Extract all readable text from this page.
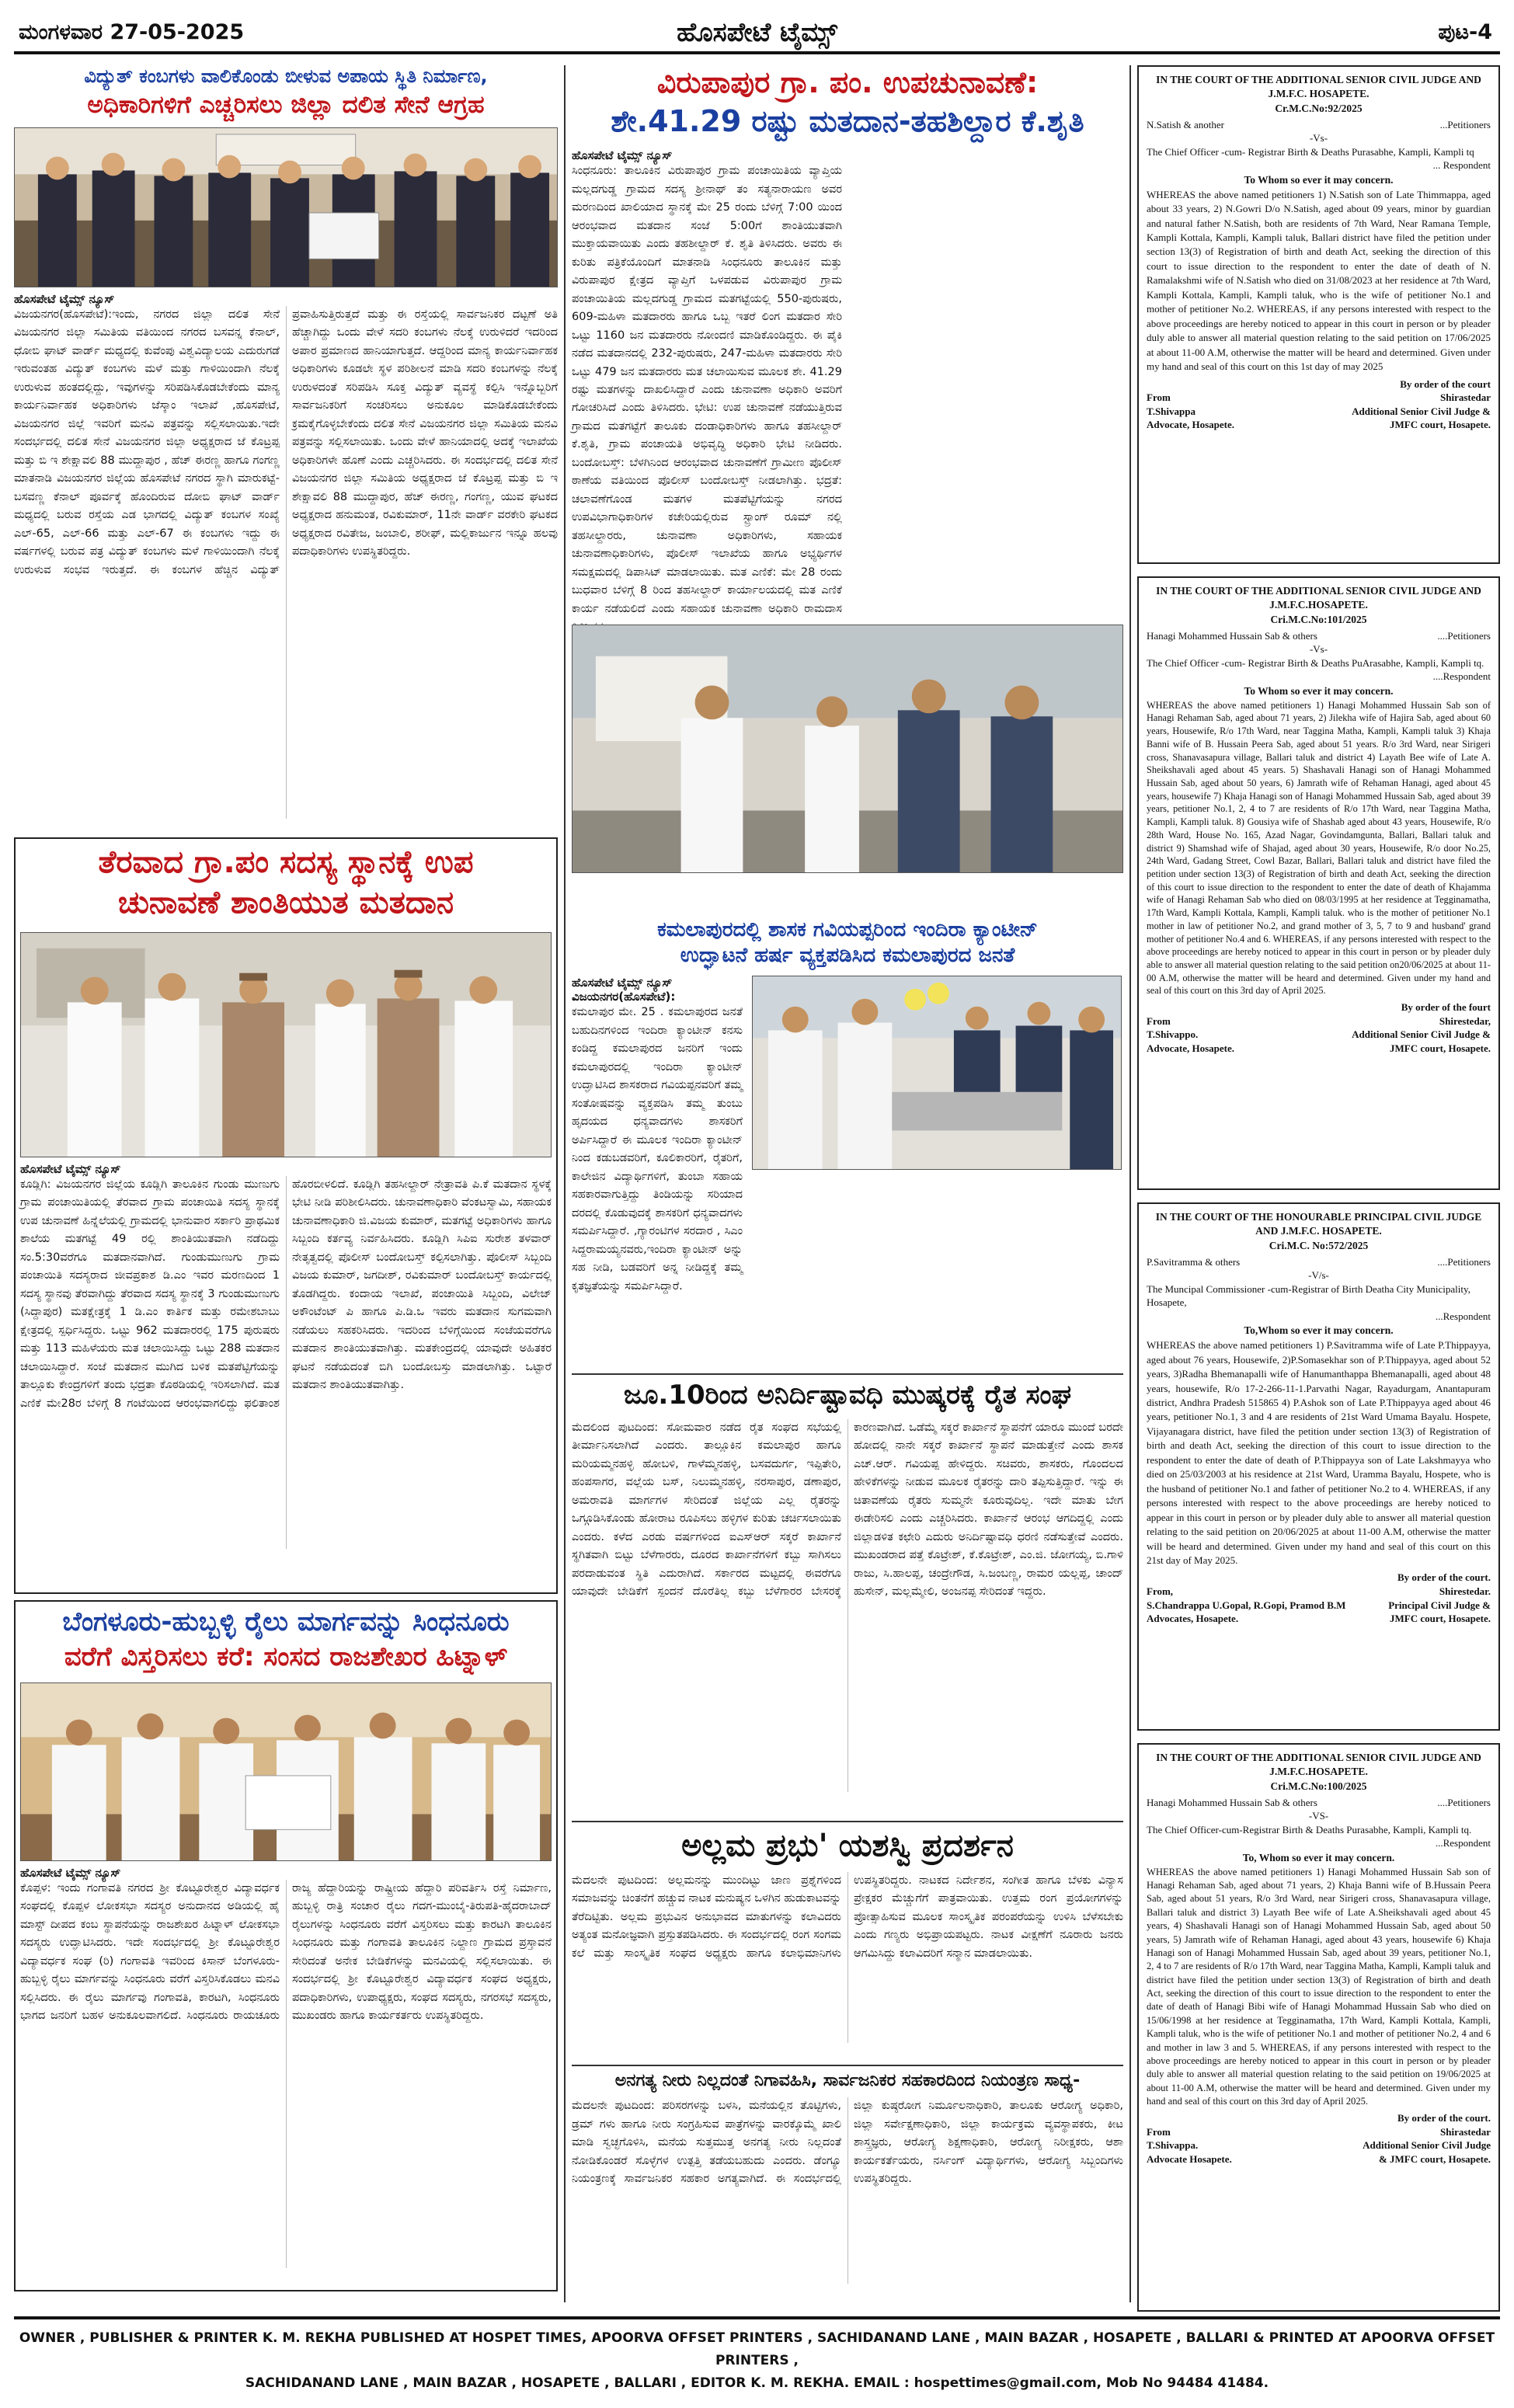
ಮಂಗಳವಾರ 27-05-2025	ಹೊಸಪೇಟೆ ಟೈಮ್ಸ್	ಪುಟ-4
ವಿದ್ಯುತ್ ಕಂಬಗಳು ವಾಲಿಕೊಂಡು ಬೀಳುವ ಅಪಾಯ ಸ್ಥಿತಿ ನಿರ್ಮಾಣ,
ಅಧಿಕಾರಿಗಳಿಗೆ ಎಚ್ಚರಿಸಲು ಜಿಲ್ಲಾ ದಲಿತ ಸೇನೆ ಆಗ್ರಹ
ಹೊಸಪೇಟೆ ಟೈಮ್ಸ್ ನ್ಯೂಸ್
ವಿಜಯನಗರ(ಹೊಸಪೇಟೆ):ಇಂದು, ನಗರದ ಜಿಲ್ಲಾ ದಲಿತ ಸೇನೆ ವಿಜಯನಗರ ಜಿಲ್ಲಾ ಸಮಿತಿಯ ವತಿಯಿಂದ ನಗರದ ಬಸವನ್ನ ಕೆನಾಲ್, ಧೋಬಿ ಘಾಟ್ ವಾರ್ಡ್ ಮಧ್ಯದಲ್ಲಿ ಕುವೆಂಪು ವಿಶ್ವವಿದ್ಯಾಲಯ ಎದುರುಗಡೆ ಇರುವಂತಹ ವಿದ್ಯುತ್ ಕಂಬಗಳು ಮಳೆ ಮತ್ತು ಗಾಳಿಯಿಂದಾಗಿ ನೆಲಕ್ಕೆ ಉರುಳುವ ಹಂತದಲ್ಲಿದ್ದು, ಇವುಗಳನ್ನು ಸರಿಪಡಿಸಿಕೊಡಬೇಕೆಂದು ಮಾನ್ಯ ಕಾರ್ಯನಿರ್ವಾಹಕ ಅಧಿಕಾರಿಗಳು ಜೆಸ್ಕಾಂ ಇಲಾಖೆ ,ಹೊಸಪೇಟೆ, ವಿಜಯನಗರ ಜಿಲ್ಲೆ ಇವರಿಗೆ ಮನವಿ ಪತ್ರವನ್ನು ಸಲ್ಲಿಸಲಾಯಿತು.ಇದೇ ಸಂದರ್ಭದಲ್ಲಿ ದಲಿತ ಸೇನೆ ವಿಜಯನಗರ ಜಿಲ್ಲಾ ಅಧ್ಯಕ್ಷರಾದ ಜೆ ಕೊಟ್ರಪ್ಪ ಮತ್ತು ಬಿ ಇ ಶೇಕ್ಷಾವಲಿ 88 ಮುದ್ದಾಪುರ , ಹೆಚ್ ಈರಣ್ಣ ಹಾಗೂ ಗಂಗಣ್ಣ ಮಾತನಾಡಿ ವಿಜಯನಗರ ಜಿಲ್ಲೆಯ ಹೊಸಪೇಟೆ ನಗರದ ಸ್ಥಾಗಿ ಮಾರುಕಟ್ಟೆ-ಬಸವಣ್ಣ ಕೆನಾಲ್ ಪೂರ್ವಕ್ಕೆ ಹೊಂದಿರುವ ದೋಬಿ ಘಾಟ್ ವಾರ್ಡ್ ಮಧ್ಯದಲ್ಲಿ ಬರುವ ರಸ್ತೆಯ ಎಡ ಭಾಗದಲ್ಲಿ ವಿದ್ಯುತ್ ಕಂಬಗಳ ಸಂಖ್ಯೆ ಎಲ್-65, ಎಲ್-66 ಮತ್ತು ಎಲ್-67 ಈ ಕಂಬಗಳು ಇದ್ದು ಈ ವರ್ಷಗಳಲ್ಲಿ ಬರುವ ಪತ್ರ ವಿದ್ಯುತ್ ಕಂಬಗಳು ಮಳೆ ಗಾಳಿಯಿಂದಾಗಿ ನೆಲಕ್ಕೆ ಉರುಳುವ ಸಂಭವ ಇರುತ್ತದೆ. ಈ ಕಂಬಗಳ ಹೆಚ್ಚಿನ ವಿದ್ಯುತ್ ಪ್ರವಾಹಿಸುತ್ತಿರುತ್ತದೆ ಮತ್ತು ಈ ರಸ್ತೆಯಲ್ಲಿ ಸಾರ್ವಜನಿಕರ ದಟ್ಟಣೆ ಅತಿ ಹೆಚ್ಚಾಗಿದ್ದು ಒಂದು ವೇಳೆ ಸದರಿ ಕಂಬಗಳು ನೆಲಕ್ಕೆ ಉರುಳಿದರೆ ಇದರಿಂದ ಅಪಾರ ಪ್ರಮಾಣದ ಹಾನಿಯಾಗುತ್ತದೆ. ಆದ್ದರಿಂದ ಮಾನ್ಯ ಕಾರ್ಯನಿರ್ವಾಹಕ ಅಧಿಕಾರಿಗಳು ಕೂಡಲೇ ಸ್ಥಳ ಪರಿಶೀಲನೆ ಮಾಡಿ ಸದರಿ ಕಂಬಗಳನ್ನು ನೆಲಕ್ಕೆ ಉರುಳದಂತೆ ಸರಿಪಡಿಸಿ ಸೂಕ್ತ ವಿದ್ಯುತ್ ವ್ಯವಸ್ಥೆ ಕಲ್ಪಿಸಿ ಇನ್ನೊಬ್ಬರಿಗೆ ಸಾರ್ವಜನಿಕರಿಗೆ ಸಂಚರಿಸಲು ಅನುಕೂಲ ಮಾಡಿಕೊಡಬೇಕೆಂದು ಕ್ರಮಕೈಗೊಳ್ಳಬೇಕೆಂದು ದಲಿತ ಸೇನೆ ವಿಜಯನಗರ ಜಿಲ್ಲಾ ಸಮಿತಿಯ ಮನವಿ ಪತ್ರವನ್ನು ಸಲ್ಲಿಸಲಾಯಿತು. ಒಂದು ವೇಳೆ ಹಾನಿಯಾದಲ್ಲಿ ಅದಕ್ಕೆ ಇಲಾಖೆಯ ಅಧಿಕಾರಿಗಳೇ ಹೊಣೆ ಎಂದು ಎಚ್ಚರಿಸಿದರು. ಈ ಸಂದರ್ಭದಲ್ಲಿ ದಲಿತ ಸೇನೆ ವಿಜಯನಗರ ಜಿಲ್ಲಾ ಸಮಿತಿಯ ಅಧ್ಯಕ್ಷರಾದ ಜೆ ಕೊಟ್ರಪ್ಪ ಮತ್ತು ಬಿ ಇ ಶೇಕ್ಷಾವಲಿ 88 ಮುದ್ದಾಪುರ, ಹೆಚ್ ಈರಣ್ಣ, ಗಂಗಣ್ಣ, ಯುವ ಘಟಕದ ಅಧ್ಯಕ್ಷರಾದ ಹನುಮಂತ, ರವಿಕುಮಾರ್, 11ನೇ ವಾರ್ಡ್ ವರಕೇರಿ ಘಟಕದ ಅಧ್ಯಕ್ಷರಾದ ರವಿತೇಜ, ಜಂಬಾಲಿ, ಶರೀಫ್, ಮಲ್ಲಿಕಾರ್ಜುನ ಇನ್ನೂ ಹಲವು ಪದಾಧಿಕಾರಿಗಳು ಉಪಸ್ಥಿತರಿದ್ದರು.
ತೆರವಾದ ಗ್ರಾ.ಪಂ ಸದಸ್ಯ ಸ್ಥಾನಕ್ಕೆ ಉಪ
ಚುನಾವಣೆ ಶಾಂತಿಯುತ ಮತದಾನ
ಹೊಸಪೇಟೆ ಟೈಮ್ಸ್ ನ್ಯೂಸ್
ಕೂಡ್ಲಿಗಿ: ವಿಜಯನಗರ ಜಿಲ್ಲೆಯ ಕೂಡ್ಲಿಗಿ ತಾಲೂಕಿನ ಗುಂಡು ಮುಣುಗು ಗ್ರಾಮ ಪಂಚಾಯಿತಿಯಲ್ಲಿ ತೆರವಾದ ಗ್ರಾಮ ಪಂಚಾಯಿತಿ ಸದಸ್ಯ ಸ್ಥಾನಕ್ಕೆ ಉಪ ಚುನಾವಣೆ ಹಿನ್ನೆಲೆಯಲ್ಲಿ ಗ್ರಾಮದಲ್ಲಿ ಭಾನುವಾರ ಸರ್ಕಾರಿ ಪ್ರಾಥಮಿಕ ಶಾಲೆಯ ಮತಗಟ್ಟೆ 49 ರಲ್ಲಿ ಶಾಂತಿಯುತವಾಗಿ ನಡೆದಿದ್ದು ಸಂ.5:30ವರೆಗೂ ಮತದಾನವಾಗಿದೆ. ಗುಂಡುಮುಣುಗು ಗ್ರಾಮ ಪಂಚಾಯಿತಿ ಸದಸ್ಯರಾದ ಜೀವಪ್ರಕಾಶ ಡಿ.ಎಂ ಇವರ ಮರಣದಿಂದ 1 ಸದಸ್ಯ ಸ್ಥಾನವು ತೆರವಾಗಿದ್ದು ತೆರವಾದ ಸದಸ್ಯ ಸ್ಥಾನಕ್ಕೆ 3 ಗುಂಡುಮುಣುಗು (ಸಿದ್ದಾಪುರ) ಮತಕ್ಷೇತ್ರಕ್ಕೆ 1 ಡಿ.ಎಂ ಕಾರ್ತಿಕ ಮತ್ತು ರಮೇಶಬಾಬು ಕ್ಷೇತ್ರದಲ್ಲಿ ಸ್ಪರ್ಧಿಸಿದ್ದರು. ಒಟ್ಟು 962 ಮತದಾರರಲ್ಲಿ 175 ಪುರುಷರು ಮತ್ತು 113 ಮಹಿಳೆಯರು ಮತ ಚಲಾಯಿಸಿದ್ದು ಒಟ್ಟು 288 ಮತದಾನ ಚಲಾಯಿಸಿದ್ದಾರೆ. ಸಂಜೆ ಮತದಾನ ಮುಗಿದ ಬಳಿಕ ಮತಪೆಟ್ಟಿಗೆಯನ್ನು ತಾಲ್ಲೂಕು ಕೇಂದ್ರಗಳಿಗೆ ತಂದು ಭದ್ರತಾ ಕೊಠಡಿಯಲ್ಲಿ ಇರಿಸಲಾಗಿದೆ. ಮತ ಎಣಿಕೆ ಮೇ28ರ ಬೆಳಿಗ್ಗೆ 8 ಗಂಟೆಯಿಂದ ಆರಂಭವಾಗಲಿದ್ದು ಫಲಿತಾಂಶ ಹೊರಬೀಳಲಿದೆ. ಕೂಡ್ಲಿಗಿ ತಹಸೀಲ್ದಾರ್ ನೇತ್ರಾವತಿ ಪಿ.ಕೆ ಮತದಾನ ಸ್ಥಳಕ್ಕೆ ಭೇಟಿ ನೀಡಿ ಪರಿಶೀಲಿಸಿದರು. ಚುನಾವಣಾಧಿಕಾರಿ ವೆಂಕಟಸ್ವಾಮಿ, ಸಹಾಯಕ ಚುನಾವಣಾಧಿಕಾರಿ ಜಿ.ವಿಜಯ ಕುಮಾರ್, ಮತಗಟ್ಟೆ ಅಧಿಕಾರಿಗಳು ಹಾಗೂ ಸಿಬ್ಬಂದಿ ಕರ್ತವ್ಯ ನಿರ್ವಹಿಸಿದರು. ಕೂಡ್ಲಿಗಿ ಸಿಪಿಐ ಸುರೇಶ ತಳವಾರ್ ನೇತೃತ್ವದಲ್ಲಿ ಪೊಲೀಸ್ ಬಂದೋಬಸ್ತ್ ಕಲ್ಪಿಸಲಾಗಿತ್ತು. ಪೊಲೀಸ್ ಸಿಬ್ಬಂದಿ ವಿಜಯ ಕುಮಾರ್, ಜಗದೀಶ್, ರವಿಕುಮಾರ್ ಬಂದೋಬಸ್ತ್ ಕಾರ್ಯದಲ್ಲಿ ತೊಡಗಿದ್ದರು. ಕಂದಾಯ ಇಲಾಖೆ, ಪಂಚಾಯಿತಿ ಸಿಬ್ಬಂದಿ, ವಿಲೇಜ್ ಅಕೌಂಟೆಂಟ್ ಪಿ ಹಾಗೂ ಪಿ.ಡಿ.ಒ ಇವರು ಮತದಾನ ಸುಗಮವಾಗಿ ನಡೆಯಲು ಸಹಕರಿಸಿದರು. ಇದರಿಂದ ಬೆಳಿಗ್ಗೆಯಿಂದ ಸಂಜೆಯವರೆಗೂ ಮತದಾನ ಶಾಂತಿಯುತವಾಗಿತ್ತು. ಮತಕೇಂದ್ರದಲ್ಲಿ ಯಾವುದೇ ಅಹಿತಕರ ಘಟನೆ ನಡೆಯದಂತೆ ಬಿಗಿ ಬಂದೋಬಸ್ತು ಮಾಡಲಾಗಿತ್ತು. ಒಟ್ಟಾರೆ ಮತದಾನ ಶಾಂತಿಯುತವಾಗಿತ್ತು.
ಬೆಂಗಳೂರು-ಹುಬ್ಬಳ್ಳಿ ರೈಲು ಮಾರ್ಗವನ್ನು ಸಿಂಧನೂರು
ವರೆಗೆ ವಿಸ್ತರಿಸಲು ಕರೆ: ಸಂಸದ ರಾಜಶೇಖರ ಹಿಟ್ನಾಳ್
ಹೊಸಪೇಟೆ ಟೈಮ್ಸ್ ನ್ಯೂಸ್
ಕೊಪ್ಪಳ: ಇಂದು ಗಂಗಾವತಿ ನಗರದ ಶ್ರೀ ಕೊಟ್ಟೂರೇಶ್ವರ ವಿದ್ಯಾವರ್ಧಕ ಸಂಘದಲ್ಲಿ ಕೊಪ್ಪಳ ಲೋಕಸಭಾ ಸದಸ್ಯರ ಅನುದಾನದ ಅಡಿಯಲ್ಲಿ ಹೈ ಮಾಸ್ಟ್ ದೀಪದ ಕಂಬ ಸ್ಥಾಪನೆಯನ್ನು ರಾಜಶೇಖರ ಹಿಟ್ನಾಳ್ ಲೋಕಸಭಾ ಸದಸ್ಯರು ಉದ್ಘಾಟಿಸಿದರು. ಇದೇ ಸಂದರ್ಭದಲ್ಲಿ ಶ್ರೀ ಕೊಟ್ಟೂರೇಶ್ವರ ವಿದ್ಯಾವರ್ಧಕ ಸಂಘ (ರಿ) ಗಂಗಾವತಿ ಇವರಿಂದ ಕಿಸಾನ್ ಬೆಂಗಳೂರು-ಹುಬ್ಬಳ್ಳಿ ರೈಲು ಮಾರ್ಗವನ್ನು ಸಿಂಧನೂರು ವರೆಗೆ ವಿಸ್ತರಿಸಿಕೊಡಲು ಮನವಿ ಸಲ್ಲಿಸಿದರು. ಈ ರೈಲು ಮಾರ್ಗವು ಗಂಗಾವತಿ, ಕಾರಟಗಿ, ಸಿಂಧನೂರು ಭಾಗದ ಜನರಿಗೆ ಬಹಳ ಅನುಕೂಲವಾಗಲಿದೆ. ಸಿಂಧನೂರು ರಾಯಚೂರು ರಾಜ್ಯ ಹೆದ್ದಾರಿಯನ್ನು ರಾಷ್ಟ್ರೀಯ ಹೆದ್ದಾರಿ ಪರಿವರ್ತಿಸಿ ರಸ್ತೆ ನಿರ್ಮಾಣ, ಹುಬ್ಬಳ್ಳಿ ರಾತ್ರಿ ಸಂಚಾರ ರೈಲು ಗದಗ-ಮುಂಬೈ-ತಿರುಪತಿ-ಹೈದರಾಬಾದ್ ರೈಲುಗಳನ್ನು ಸಿಂಧನೂರು ವರೆಗೆ ವಿಸ್ತರಿಸಲು ಮತ್ತು ಕಾರಟಗಿ ತಾಲೂಕಿನ ಸಿಂಧನೂರು ಮತ್ತು ಗಂಗಾವತಿ ತಾಲೂಕಿನ ನಿಲ್ದಾಣ ಗ್ರಾಮದ ಪ್ರಸ್ತಾವನೆ ಸೇರಿದಂತೆ ಅನೇಕ ಬೇಡಿಕೆಗಳನ್ನು ಮನವಿಯಲ್ಲಿ ಸಲ್ಲಿಸಲಾಯಿತು. ಈ ಸಂದರ್ಭದಲ್ಲಿ ಶ್ರೀ ಕೊಟ್ಟೂರೇಶ್ವರ ವಿದ್ಯಾವರ್ಧಕ ಸಂಘದ ಅಧ್ಯಕ್ಷರು, ಪದಾಧಿಕಾರಿಗಳು, ಉಪಾಧ್ಯಕ್ಷರು, ಸಂಘದ ಸದಸ್ಯರು, ನಗರಸಭೆ ಸದಸ್ಯರು, ಮುಖಂಡರು ಹಾಗೂ ಕಾರ್ಯಕರ್ತರು ಉಪಸ್ಥಿತರಿದ್ದರು.
ವಿರುಪಾಪುರ ಗ್ರಾ. ಪಂ. ಉಪಚುನಾವಣೆ:
ಶೇ.41.29 ರಷ್ಟು ಮತದಾನ-ತಹಶಿಲ್ದಾರ ಕೆ.ಶೃತಿ
ಹೊಸಪೇಟೆ ಟೈಮ್ಸ್ ನ್ಯೂಸ್
ಸಿಂಧನೂರು: ತಾಲೂಕಿನ ವಿರುಪಾಪುರ ಗ್ರಾಮ ಪಂಚಾಯಿತಿಯ ವ್ಯಾಪ್ತಿಯ ಮಲ್ಲದಗುಡ್ಡ ಗ್ರಾಮದ ಸದಸ್ಯ ಶ್ರೀನಾಥ್ ತಂ ಸತ್ಯನಾರಾಯಣ ಅವರ ಮರಣದಿಂದ ಖಾಲಿಯಾದ ಸ್ಥಾನಕ್ಕೆ ಮೇ 25 ರಂದು ಬೆಳಿಗ್ಗೆ 7:00 ಯಿಂದ ಆರಂಭವಾದ ಮತದಾನ ಸಂಜೆ 5:00ಗೆ ಶಾಂತಿಯುತವಾಗಿ ಮುಕ್ತಾಯವಾಯಿತು ಎಂದು ತಹಶೀಲ್ದಾರ್ ಕೆ. ಶೃತಿ ತಿಳಿಸಿದರು. ಅವರು ಈ ಕುರಿತು ಪತ್ರಿಕೆಯೊಂದಿಗೆ ಮಾತನಾಡಿ ಸಿಂಧನೂರು ತಾಲೂಕಿನ ಮತ್ತು ವಿರುಪಾಪುರ ಕ್ಷೇತ್ರದ ವ್ಯಾಪ್ತಿಗೆ ಒಳಪಡುವ ವಿರುಪಾಪುರ ಗ್ರಾಮ ಪಂಚಾಯಿತಿಯ ಮಲ್ಲದಗುಡ್ಡ ಗ್ರಾಮದ ಮತಗಟ್ಟೆಯಲ್ಲಿ 550-ಪುರುಷರು, 609-ಮಹಿಳಾ ಮತದಾರರು ಹಾಗೂ ಒಬ್ಬ ಇತರೆ ಲಿಂಗ ಮತದಾರ ಸೇರಿ ಒಟ್ಟು 1160 ಜನ ಮತದಾರರು ನೋಂದಣಿ ಮಾಡಿಕೊಂಡಿದ್ದರು. ಈ ಪೈಕಿ ನಡೆದ ಮತದಾನದಲ್ಲಿ 232-ಪುರುಷರು, 247-ಮಹಿಳಾ ಮತದಾರರು ಸೇರಿ ಒಟ್ಟು 479 ಜನ ಮತದಾರರು ಮತ ಚಲಾಯಿಸುವ ಮೂಲಕ ಶೇ. 41.29 ರಷ್ಟು ಮತಗಳನ್ನು ದಾಖಲಿಸಿದ್ದಾರೆ ಎಂದು ಚುನಾವಣಾ ಅಧಿಕಾರಿ ಅವರಿಗೆ ಗೋಚರಿಸಿದೆ ಎಂದು ತಿಳಿಸಿದರು. ಭೇಟಿ: ಉಪ ಚುನಾವಣೆ ನಡೆಯುತ್ತಿರುವ ಗ್ರಾಮದ ಮತಗಟ್ಟೆಗೆ ತಾಲೂಕು ದಂಡಾಧಿಕಾರಿಗಳು ಹಾಗೂ ತಹಸೀಲ್ದಾರ್ ಕೆ.ಶೃತಿ, ಗ್ರಾಮ ಪಂಚಾಯತಿ ಅಭಿವೃದ್ಧಿ ಅಧಿಕಾರಿ ಭೇಟಿ ನೀಡಿದರು. ಬಂದೋಬಸ್ತ್: ಬೆಳಗಿನಿಂದ ಆರಂಭವಾದ ಚುನಾವಣೆಗೆ ಗ್ರಾಮೀಣ ಪೊಲೀಸ್ ಠಾಣೆಯ ವತಿಯಿಂದ ಪೊಲೀಸ್ ಬಂದೋಬಸ್ತ್ ನೀಡಲಾಗಿತ್ತು. ಭದ್ರತೆ: ಚಲಾವಣೆಗೊಂಡ ಮತಗಳ ಮತಪೆಟ್ಟಿಗೆಯನ್ನು ನಗರದ ಉಪವಿಭಾಗಾಧಿಕಾರಿಗಳ ಕಚೇರಿಯಲ್ಲಿರುವ ಸ್ಟ್ರಾಂಗ್ ರೂಮ್ ನಲ್ಲಿ ತಹಸೀಲ್ದಾರರು, ಚುನಾವಣಾ ಅಧಿಕಾರಿಗಳು, ಸಹಾಯಕ ಚುನಾವಣಾಧಿಕಾರಿಗಳು, ಪೊಲೀಸ್ ಇಲಾಖೆಯ ಹಾಗೂ ಅಭ್ಯರ್ಥಿಗಳ ಸಮಕ್ಷಮದಲ್ಲಿ ಡಿಪಾಸಿಟ್ ಮಾಡಲಾಯಿತು. ಮತ ಎಣಿಕೆ: ಮೇ 28 ರಂದು ಬುಧವಾರ ಬೆಳಿಗ್ಗೆ 8 ರಿಂದ ತಹಸೀಲ್ದಾರ್ ಕಾರ್ಯಾಲಯದಲ್ಲಿ ಮತ ಎಣಿಕೆ ಕಾರ್ಯ ನಡೆಯಲಿದೆ ಎಂದು ಸಹಾಯಕ ಚುನಾವಣಾ ಅಧಿಕಾರಿ ರಾಮದಾಸ
ಕಮಲಾಪುರದಲ್ಲಿ ಶಾಸಕ ಗವಿಯಪ್ಪರಿಂದ ಇಂದಿರಾ ಕ್ಯಾಂಟೀನ್
ಉದ್ಘಾಟನೆ ಹರ್ಷ ವ್ಯಕ್ತಪಡಿಸಿದ ಕಮಲಾಪುರದ ಜನತೆ
ಹೊಸಪೇಟೆ ಟೈಮ್ಸ್ ನ್ಯೂಸ್ ವಿಜಯನಗರ(ಹೊಸಪೇಟೆ):
ಕಮಲಾಪುರ ಮೇ. 25 . ಕಮಲಾಪುರದ ಜನತೆ ಬಹುದಿನಗಳಿಂದ ಇಂದಿರಾ ಕ್ಯಾಂಟೀನ್ ಕನಸು ಕಂಡಿದ್ದ ಕಮಲಾಪುರದ ಜನರಿಗೆ ಇಂದು ಕಮಲಾಪುರದಲ್ಲಿ ಇಂದಿರಾ ಕ್ಯಾಂಟೀನ್ ಉದ್ಘಾಟಿಸಿದ ಶಾಸಕರಾದ ಗವಿಯಪ್ಪನವರಿಗೆ ತಮ್ಮ ಸಂತೋಷವನ್ನು ವ್ಯಕ್ತಪಡಿಸಿ ತಮ್ಮ ತುಂಬು ಹೃದಯದ ಧನ್ಯವಾದಗಳು ಶಾಸಕರಿಗೆ ಅರ್ಪಿಸಿದ್ದಾರೆ ಈ ಮೂಲಕ ಇಂದಿರಾ ಕ್ಯಾಂಟೀನ್ ನಿಂದ ಕಡುಬಡವರಿಗೆ, ಕೂಲಿಕಾರರಿಗೆ, ರೈತರಿಗೆ, ಕಾಲೇಜಿನ ವಿದ್ಯಾರ್ಥಿಗಳಿಗೆ, ತುಂಬಾ ಸಹಾಯ ಸಹಕಾರವಾಗುತ್ತಿದ್ದು ತಿಂಡಿಯನ್ನು ಸರಿಯಾದ ದರದಲ್ಲಿ ಕೊಡುವುದಕ್ಕೆ ಶಾಸಕರಿಗೆ ಧನ್ಯವಾದಗಳು ಸಮರ್ಪಿಸಿದ್ದಾರೆ. ,ಗ್ಯಾರಂಟಿಗಳ ಸರದಾರ , ಸಿಎಂ ಸಿದ್ದರಾಮಯ್ಯನವರು,ಇಂದಿರಾ ಕ್ಯಾಂಟೀನ್ ಅನ್ನು ಸಹ ನೀಡಿ, ಬಡವರಿಗೆ ಅನ್ನ ನೀಡಿದ್ದಕ್ಕೆ ತಮ್ಮ ಕೃತಜ್ಞತೆಯನ್ನು ಸಮರ್ಪಿಸಿದ್ದಾರೆ.
ಜೂ.10ರಿಂದ ಅನಿರ್ದಿಷ್ಟಾವಧಿ ಮುಷ್ಕರಕ್ಕೆ ರೈತ ಸಂಘ
ಮೆದಲಿಂದ ಪುಟದಿಂದ: ಸೋಮವಾರ ನಡೆದ ರೈತ ಸಂಘದ ಸಭೆಯಲ್ಲಿ ತೀರ್ಮಾನಿಸಲಾಗಿದೆ ಎಂದರು. ತಾಲ್ಲೂಕಿನ ಕಮಲಾಪುರ ಹಾಗೂ ಮರಿಯಮ್ಮನಹಳ್ಳಿ ಹೋಬಳಿ, ಗಾಳೆಮ್ಮನಹಳ್ಳಿ, ಬಸವದುರ್ಗ, ಇಪ್ಪಿತೇರಿ, ಹಂಪಸಾಗರ, ವಲ್ಲೆಯ ಬಸ್, ನಿಲುಮ್ಮನಹಳ್ಳಿ, ನರಸಾಪುರ, ಡಣಾಪುರ, ಅಮರಾವತಿ ಮಾರ್ಗಗಳ ಸೇರಿದಂತೆ ಜಿಲ್ಲೆಯ ಎಲ್ಲ ರೈತರನ್ನು ಒಗ್ಗೂಡಿಸಿಕೊಂಡು ಹೋರಾಟ ರೂಪಿಸಲು ಹಳ್ಳಿಗಳ ಕುರಿತು ಚರ್ಚಿಸಲಾಯಿತು ಎಂದರು. ಕಳೆದ ಎರಡು ವರ್ಷಗಳಿಂದ ಐಎಸ್ಆರ್ ಸಕ್ಕರೆ ಕಾರ್ಖಾನೆ ಸ್ಥಗಿತವಾಗಿ ಬಿಟ್ಟು ಬೆಳೆಗಾರರು, ದೂರದ ಕಾರ್ಖಾನೆಗಳಿಗೆ ಕಬ್ಬು ಸಾಗಿಸಲು ಪರದಾಡುವಂತ ಸ್ಥಿತಿ ಎದುರಾಗಿದೆ. ಸರ್ಕಾರದ ಮಟ್ಟದಲ್ಲಿ ಈವರೆಗೂ ಯಾವುದೇ ಬೇಡಿಕೆಗೆ ಸ್ಪಂದನೆ ದೊರೆತಿಲ್ಲ ಕಬ್ಬು ಬೆಳೆಗಾರರ ಬೇಸರಕ್ಕೆ ಕಾರಣವಾಗಿದೆ. ಒಡೆಮ್ಮೆ ಸಕ್ಕರೆ ಕಾರ್ಖಾನೆ ಸ್ಥಾಪನೆಗೆ ಯಾರೂ ಮುಂದೆ ಬರದೇ ಹೋದಲ್ಲಿ ನಾನೇ ಸಕ್ಕರೆ ಕಾರ್ಖಾನೆ ಸ್ಥಾಪನೆ ಮಾಡುತ್ತೇನೆ ಎಂದು ಶಾಸಕ ಎಚ್.ಆರ್. ಗವಿಯಪ್ಪ ಹೇಳಿದ್ದರು. ಸಚಿವರು, ಶಾಸಕರು, ಗೊಂದಲದ ಹೇಳಿಕೆಗಳನ್ನು ನೀಡುವ ಮೂಲಕ ರೈತರನ್ನು ದಾರಿ ತಪ್ಪಿಸುತ್ತಿದ್ದಾರೆ. ಇನ್ನು ಈ ಚಿತಾವಣೆಯ ರೈತರು ಸುಮ್ಮನೇ ಕೂರುವುದಿಲ್ಲ. ಇದೇ ಮಾತು ಬೇಗ ಈಡೇರಿಸಲಿ ಎಂದು ಎಚ್ಚರಿಸಿದರು. ಕಾರ್ಖಾನೆ ಆರಂಭ ಆಗದಿದ್ದಲ್ಲಿ ಎಂದು ಜಿಲ್ಲಾಡಳಿತ ಕಛೇರಿ ಎದುರು ಅನಿರ್ದಿಷ್ಟಾವಧಿ ಧರಣಿ ನಡೆಸುತ್ತೇವೆ ಎಂದರು. ಮುಖಂಡರಾದ ಪತ್ತೆ ಕೊಟ್ರೇಶ್, ಕೆ.ಕೊಟ್ರೇಶ್, ಎಂ.ಜಿ. ಜೋಗಯ್ಯ, ಬಿ.ಗಾಳಿ ರಾಜು, ಸಿ.ಹಾಲಪ್ಪ, ಚಂದ್ರೇಗೌಡ, ಸಿ.ಜಂಬಣ್ಣ, ರಾಮರ ಯಲ್ಲಪ್ಪ, ಚಾಂದ್ ಹುಸೇನ್, ಮಲ್ಲಮ್ಮೇಲಿ, ಅಂಜನಪ್ಪ ಸೇರಿದಂತೆ ಇದ್ದರು.
ಅಲ್ಲಮ ಪ್ರಭು' ಯಶಸ್ವಿ ಪ್ರದರ್ಶನ
ಮೆದಲನೇ ಪುಟದಿಂದ: ಅಲ್ಲಮನನ್ನು ಮುಂದಿಟ್ಟು ಜಾಣ ಪ್ರಶ್ನೆಗಳಿಂದ ಸಮಾಜವನ್ನು ಚಿಂತನೆಗೆ ಹಚ್ಚುವ ನಾಟಕ ಮನುಷ್ಯನ ಒಳಗಿನ ಹುಡುಕಾಟವನ್ನು ತೆರೆದಿಟ್ಟಿತು. ಅಲ್ಲಮ ಪ್ರಭುವಿನ ಅನುಭಾವದ ಮಾತುಗಳನ್ನು ಕಲಾವಿದರು ಅತ್ಯಂತ ಮನೋಜ್ಞವಾಗಿ ಪ್ರಸ್ತುತಪಡಿಸಿದರು. ಈ ಸಂದರ್ಭದಲ್ಲಿ ರಂಗ ಸಂಗಮ ಕಲೆ ಮತ್ತು ಸಾಂಸ್ಕೃತಿಕ ಸಂಘದ ಅಧ್ಯಕ್ಷರು ಹಾಗೂ ಕಲಾಭಿಮಾನಿಗಳು ಉಪಸ್ಥಿತರಿದ್ದರು. ನಾಟಕದ ನಿರ್ದೇಶನ, ಸಂಗೀತ ಹಾಗೂ ಬೆಳಕು ವಿನ್ಯಾಸ ಪ್ರೇಕ್ಷಕರ ಮೆಚ್ಚುಗೆಗೆ ಪಾತ್ರವಾಯಿತು. ಉತ್ತಮ ರಂಗ ಪ್ರಯೋಗಗಳನ್ನು ಪ್ರೋತ್ಸಾಹಿಸುವ ಮೂಲಕ ಸಾಂಸ್ಕೃತಿಕ ಪರಂಪರೆಯನ್ನು ಉಳಿಸಿ ಬೆಳೆಸಬೇಕು ಎಂದು ಗಣ್ಯರು ಅಭಿಪ್ರಾಯಪಟ್ಟರು. ನಾಟಕ ವೀಕ್ಷಣೆಗೆ ನೂರಾರು ಜನರು ಆಗಮಿಸಿದ್ದು ಕಲಾವಿದರಿಗೆ ಸನ್ಮಾನ ಮಾಡಲಾಯಿತು.
ಅನಗತ್ಯ ನೀರು ನಿಲ್ಲದಂತೆ ನಿಗಾವಹಿಸಿ, ಸಾರ್ವಜನಿಕರ ಸಹಕಾರದಿಂದ ನಿಯಂತ್ರಣ ಸಾಧ್ಯ-
ಮೆದಲನೇ ಪುಟದಿಂದ: ಪರಿಸರಗಳನ್ನು ಬಳಸಿ, ಮನೆಯಲ್ಲಿನ ತೊಟ್ಟಿಗಳು, ಡ್ರಮ್ ಗಳು ಹಾಗೂ ನೀರು ಸಂಗ್ರಹಿಸುವ ಪಾತ್ರೆಗಳನ್ನು ವಾರಕ್ಕೊಮ್ಮೆ ಖಾಲಿ ಮಾಡಿ ಸ್ವಚ್ಛಗೊಳಿಸಿ, ಮನೆಯ ಸುತ್ತಮುತ್ತ ಅನಗತ್ಯ ನೀರು ನಿಲ್ಲದಂತೆ ನೋಡಿಕೊಂಡರೆ ಸೊಳ್ಳೆಗಳ ಉತ್ಪತ್ತಿ ತಡೆಯಬಹುದು ಎಂದರು. ಡೆಂಗ್ಯೂ ನಿಯಂತ್ರಣಕ್ಕೆ ಸಾರ್ವಜನಿಕರ ಸಹಕಾರ ಅಗತ್ಯವಾಗಿದೆ. ಈ ಸಂದರ್ಭದಲ್ಲಿ ಜಿಲ್ಲಾ ಕುಷ್ಠರೋಗ ನಿರ್ಮೂಲನಾಧಿಕಾರಿ, ತಾಲೂಕು ಆರೋಗ್ಯ ಅಧಿಕಾರಿ, ಜಿಲ್ಲಾ ಸರ್ವೇಕ್ಷಣಾಧಿಕಾರಿ, ಜಿಲ್ಲಾ ಕಾರ್ಯಕ್ರಮ ವ್ಯವಸ್ಥಾಪಕರು, ಕೀಟ ಶಾಸ್ತ್ರಜ್ಞರು, ಆರೋಗ್ಯ ಶಿಕ್ಷಣಾಧಿಕಾರಿ, ಆರೋಗ್ಯ ನಿರೀಕ್ಷಕರು, ಆಶಾ ಕಾರ್ಯಕರ್ತೆಯರು, ನರ್ಸಿಂಗ್ ವಿದ್ಯಾರ್ಥಿಗಳು, ಆರೋಗ್ಯ ಸಿಬ್ಬಂದಿಗಳು ಉಪಸ್ಥಿತರಿದ್ದರು.
IN THE COURT OF THE ADDITIONAL SENIOR CIVIL JUDGE AND J.M.F.C. HOSAPETE.
Cr.M.C.No:92/2025
N.Satish & another	...Petitioners
-Vs-
The Chief Officer -cum- Registrar Birth & Deaths Purasabhe, Kampli, Kampli tq
... Respondent
To Whom so ever it may concern.
WHEREAS the above named petitioners 1) N.Satish son of Late Thimmappa, aged about 33 years, 2) N.Gowri D/o N.Satish, aged about 09 years, minor by guardian and natural father N.Satish, both are residents of 7th Ward, Near Ramana Temple, Kampli Kottala, Kampli, Kampli taluk, Ballari district have filed the petition under section 13(3) of Registration of birth and death Act, seeking the direction of this court to issue direction to the respondent to enter the date of death of N. Ramalakshmi wife of N.Satish who died on 31/08/2023 at her residence at 7th Ward, Kampli Kottala, Kampli, Kampli taluk, who is the wife of petitioner No.1 and mother of petitioner No.2. WHEREAS, if any persons interested with respect to the above proceedings are hereby noticed to appear in this court in person or by pleader duly able to answer all material question relating to the said petition on 17/06/2025 at about 11-00 A.M, otherwise the matter will be heard and determined. Given under my hand and seal of this court on this 1st day of may 2025
By order of the court
From	Shirastedar
T.Shivappa	Additional Senior Civil Judge &
Advocate, Hosapete.	JMFC court, Hosapete.
IN THE COURT OF THE ADDITIONAL SENIOR CIVIL JUDGE AND J.M.F.C.HOSAPETE.
Cri.M.C.No:101/2025
Hanagi Mohammed Hussain Sab & others	....Petitioners
-Vs-
The Chief Officer -cum- Registrar Birth & Deaths PuArasabhe, Kampli, Kampli tq.
....Respondent
To Whom so ever it may concern.
WHEREAS the above named petitioners 1) Hanagi Mohammed Hussain Sab son of Hanagi Rehaman Sab, aged about 71 years, 2) Jilekha wife of Hajira Sab, aged about 60 years, Housewife, R/o 17th Ward, near Taggina Matha, Kampli, Kampli taluk 3) Khaja Banni wife of B. Hussain Peera Sab, aged about 51 years. R/o 3rd Ward, near Sirigeri cross, Shanavasapura village, Ballari taluk and district 4) Layath Bee wife of Late A. Sheikshavali aged about 45 years. 5) Shashavali Hanagi son of Hanagi Mohammed Hussain Sab, aged about 50 years, 6) Jamrath wife of Rehaman Hanagi, aged about 45 years, housewife 7) Khaja Hanagi son of Hanagi Mohammed Hussain Sab, aged about 39 years, petitioner No.1, 2, 4 to 7 are residents of R/o 17th Ward, near Taggina Matha, Kampli, Kampli taluk. 8) Gousiya wife of Shashab aged about 43 years, Housewife, R/o 28th Ward, House No. 165, Azad Nagar, Govindamgunta, Ballari, Ballari taluk and district 9) Shamshad wife of Shajad, aged about 30 years, Housewife, R/o door No.25, 24th Ward, Gadang Street, Cowl Bazar, Ballari, Ballari taluk and district have filed the petition under section 13(3) of Registration of birth and death Act, seeking the direction of this court to issue direction to the respondent to enter the date of death of Khajamma wife of Hanagi Rehaman Sab who died on 08/03/1995 at her residence at Tegginamatha, 17th Ward, Kampli Kottala, Kampli, Kampli taluk. who is the mother of petitioner No.1 mother in law of petitioner No.2, and grand mother of 3, 5, 7 to 9 and husband' grand mother of petitioner No.4 and 6. WHEREAS, if any persons interested with respect to the above proceedings are hereby noticed to appear in this court in person or by pleader duly able to answer all material question relating to the said petition on20/06/2025 at about 11-00 A.M, otherwise the matter will be heard and determined. Given under my hand and seal of this court on this 3rd day of April 2025.
By order of the fourt
From	Shirestedar,
T.Shivappo.	Additional Senior Civil Judge &
Advocate, Hosapete.	JMFC court, Hosapete.
IN THE COURT OF THE HONOURABLE PRINCIPAL CIVIL JUDGE AND J.M.F.C. HOSAPETE.
Cri.M.C. No:572/2025
P.Savitramma & others	....Petitioners
-V/s-
The Muncipal Commissioner -cum-Registrar of Birth Deatha City Municipality, Hosapete,
...Respondent
To,Whom so ever it may concern.
WHEREAS the above named petitioners 1) P.Savitramma wife of Late P.Thippayya, aged about 76 years, Housewife, 2)P.Somasekhar son of P.Thippayya, aged about 52 years, 3)Radha Bhemanapalli wife of Hanumanthappa Bhemanapalli, aged about 48 years, housewife, R/o 17-2-266-11-1.Parvathi Nagar, Rayadurgam, Anantapuram district, Andhra Pradesh 515865 4) P.Ashok son of Late P.Thippayya aged about 46 years, petitioner No.1, 3 and 4 are residents of 21st Ward Umama Bayalu. Hospete, Vijayanagara district, have filed the petition under section 13(3) of Registration of birth and death Act, seeking the direction of this court to issue direction to the respondent to enter the date of death of P.Thippayya son of Late Lakshmayya who died on 25/03/2003 at his residence at 21st Ward, Uramma Bayalu, Hospete, who is the husband of petitioner No.1 and father of petitioner No.2 to 4. WHEREAS, if any persons interested with respect to the above proceedings are hereby noticed to appear in this court in person or by pleader duly able to answer all material question relating to the said petition on 20/06/2025 at about 11-00 A.M, otherwise the matter will be heard and determined. Given under my hand and seal of this court on this 21st day of May 2025.
By order of the court.
From,	Shirestedar.
S.Chandrappa U.Gopal, R.Gopi, Pramod B.M	Principal Civil Judge &
Advocates, Hosapete.	JMFC court, Hosapete.
IN THE COURT OF THE ADDITIONAL SENIOR CIVIL JUDGE AND J.M.F.C.HOSAPETE.
Cri.M.C.No:100/2025
Hanagi Mohammed Hussain Sab & others	....Petitioners
-VS-
The Chief Officer-cum-Registrar Birth & Deaths Purasabhe, Kampli, Kampli tq.
...Respondent
To, Whom so ever it may concern.
WHEREAS the above named petitioners 1) Hanagi Mohammed Hussain Sab son of Hanagi Rehaman Sab, aged about 71 years, 2) Khaja Banni wife of B.Hussain Peera Sab, aged about 51 years, R/o 3rd Ward, near Sirigeri cross, Shanavasapura village, Ballari taluk and district 3) Layath Bee wife of Late A.Sheikshavali aged about 45 years, 4) Shashavali Hanagi son of Hanagi Mohammed Hussain Sab, aged about 50 years, 5) Jamrath wife of Rehaman Hanagi, aged about 43 years, housewife 6) Khaja Hanagi son of Hanagi Mohammed Hussain Sab, aged about 39 years, petitioner No.1, 2, 4 to 7 are residents of R/o 17th Ward, near Taggina Matha, Kampli, Kampli taluk and district have filed the petition under section 13(3) of Registration of birth and death Act, seeking the direction of this court to issue direction to the respondent to enter the date of death of Hanagi Bibi wife of Hanagi Mohammad Hussain Sab who died on 15/06/1998 at her residence at Tegginamatha, 17th Ward, Kampli Kottala, Kampli, Kampli taluk, who is the wife of petitioner No.1 and mother of petitioner No.2, 4 and 6 and mother in law 3 and 5. WHEREAS, if any persons interested with respect to the above proceedings are hereby noticed to appear in this court in person or by pleader duly able to answer all material question relating to the said petition on 19/06/2025 at about 11-00 A.M, otherwise the matter will be heard and determined. Given under my hand and seal of this court on this 3rd day of April 2025.
By order of the court.
From	Shirastedar
T.Shivappa.	Additional Senior Civil Judge
Advocate Hosapete.	& JMFC court, Hosapete.
OWNER , PUBLISHER & PRINTER K. M. REKHA PUBLISHED AT HOSPET TIMES, APOORVA OFFSET PRINTERS , SACHIDANAND LANE , MAIN BAZAR , HOSAPETE , BALLARI & PRINTED AT APOORVA OFFSET PRINTERS ,
SACHIDANAND LANE , MAIN BAZAR , HOSAPETE , BALLARI , EDITOR K. M. REKHA. EMAIL : hospettimes@gmail.com, Mob No 94484 41484.
